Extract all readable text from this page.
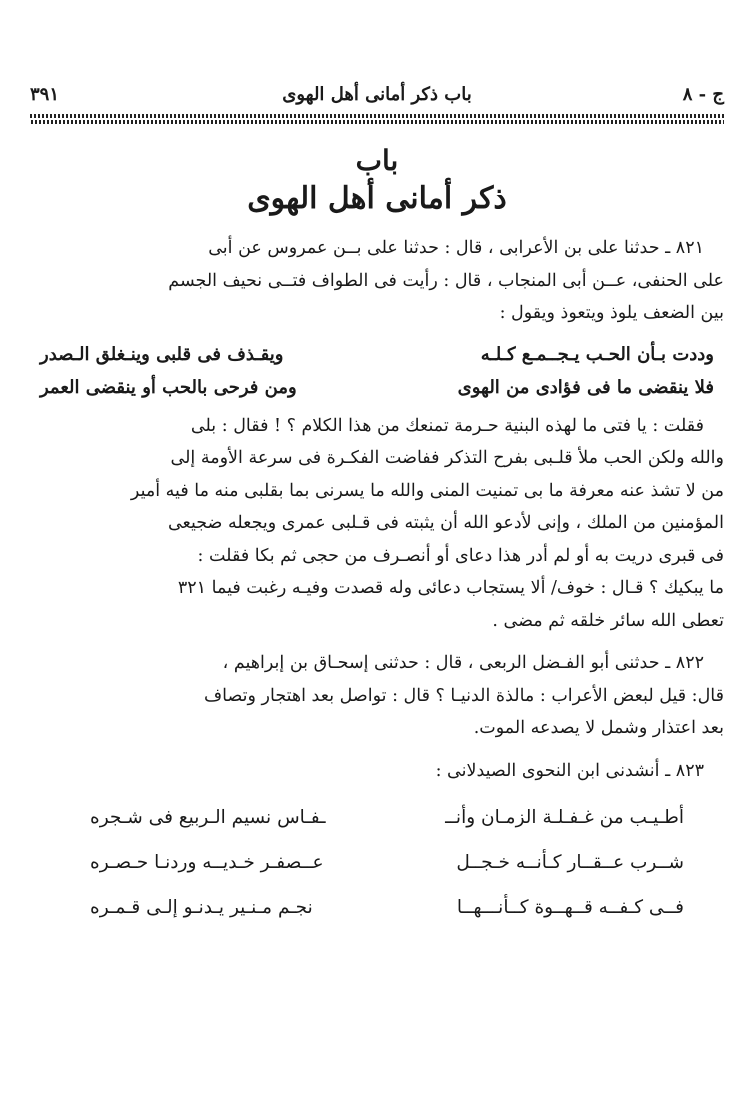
ج - ٨
باب ذكر أمانى أهل الهوى
٣٩١
باب
ذكر أمانى أهل الهوى

٨٢١ ـ حدثنا على بن الأعرابى ، قال : حدثنا على بــن عمروس عن أبى

على الحنفى، عــن أبى المنجاب ، قال : رأيت فى الطواف فتــى نحيف الجسم

بين الضعف يلوذ ويتعوذ ويقول :

وددت بـأن الحـب يـجــمـع كـلـه
ويقـذف فى قلبى وينـغلق الـصدر
فلا ينقضى ما فى فؤادى من الهوى
ومن فرحى بالحب أو ينقضى العمر

فقلت : يا فتى ما لهذه البنية حـرمة تمنعك من هذا الكلام ؟ ! فقال : بلى

والله ولكن الحب ملأ قلـبى بفرح التذكر ففاضت الفكـرة فى سرعة الأومة إلى

من لا تشذ عنه معرفة ما بى تمنيت المنى والله ما يسرنى بما بقلبى منه ما فيه أمير

المؤمنين من الملك ، وإنى لأدعو الله أن يثبته فى قـلبى عمرى ويجعله ضجيعى

فى قبرى دريت به أو لم أدر هذا دعاى أو أنصـرف من حجى ثم بكا فقلت :

ما يبكيك ؟ قـال : خوف/ ألا يستجاب دعائى وله قصدت وفيـه رغبت فيما ٣٢١

تعطى الله سائر خلقه ثم مضى .

٨٢٢ ـ حدثنى أبو الفـضل الربعى ، قال : حدثنى إسحـاق بن إبراهيم ،

قال: قيل لبعض الأعراب : مالذة الدنيـا ؟ قال : تواصل بعد اهتجار وتصاف

بعد اعتذار وشمل لا يصدعه الموت.

٨٢٣ ـ أنشدنى ابن النحوى الصيدلانى :

أطـيـب من غـفـلـة الزمـان وأنــ
ـفـاس نسيم الـربيع فى شـجره
شــرب عــقــار كـأنــه خـجــل
عــصفـر خـديــه وردنـا حـصـره
فــى كـفــه قــهــوة كــأنـــهــا
نجـم مـنـير يـدنـو إلـى قـمـره
